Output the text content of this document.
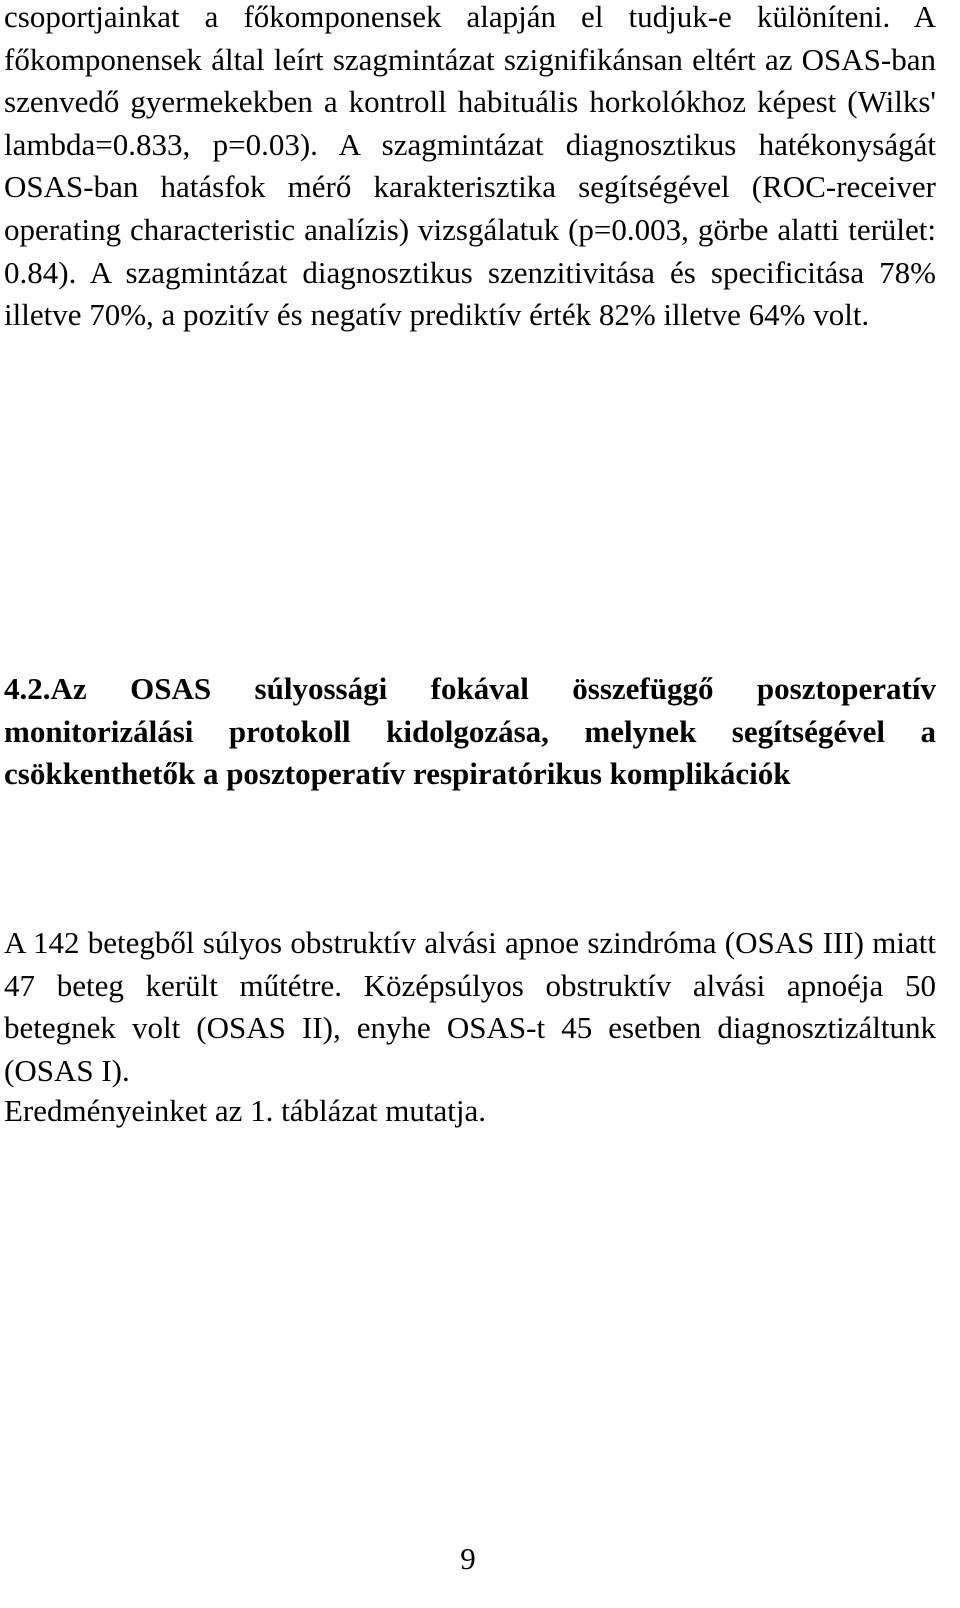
csoportjainkat a főkomponensek alapján el tudjuk-e különíteni. A főkomponensek által leírt szagmintázat szignifikánsan eltért az OSAS-ban szenvedő gyermekekben a kontroll habituális horkolókhoz képest (Wilks' lambda=0.833, p=0.03). A szagmintázat diagnosztikus hatékonyságát OSAS-ban hatásfok mérő karakterisztika segítségével (ROC-receiver operating characteristic analízis) vizsgálatuk (p=0.003, görbe alatti terület: 0.84). A szagmintázat diagnosztikus szenzitivitása és specificitása 78% illetve 70%, a pozitív és negatív prediktív érték 82% illetve 64% volt.

4.2.Az OSAS súlyossági fokával összefüggő posztoperatív monitorizálási protokoll kidolgozása, melynek segítségével a csökkenthetők a posztoperatív respiratórikus komplikációk

A 142 betegből súlyos obstruktív alvási apnoe szindróma (OSAS III) miatt 47 beteg került műtétre. Középsúlyos obstruktív alvási apnoéja 50 betegnek volt (OSAS II), enyhe OSAS-t 45 esetben diagnosztizáltunk (OSAS I).

Eredményeinket az 1. táblázat mutatja.

9
